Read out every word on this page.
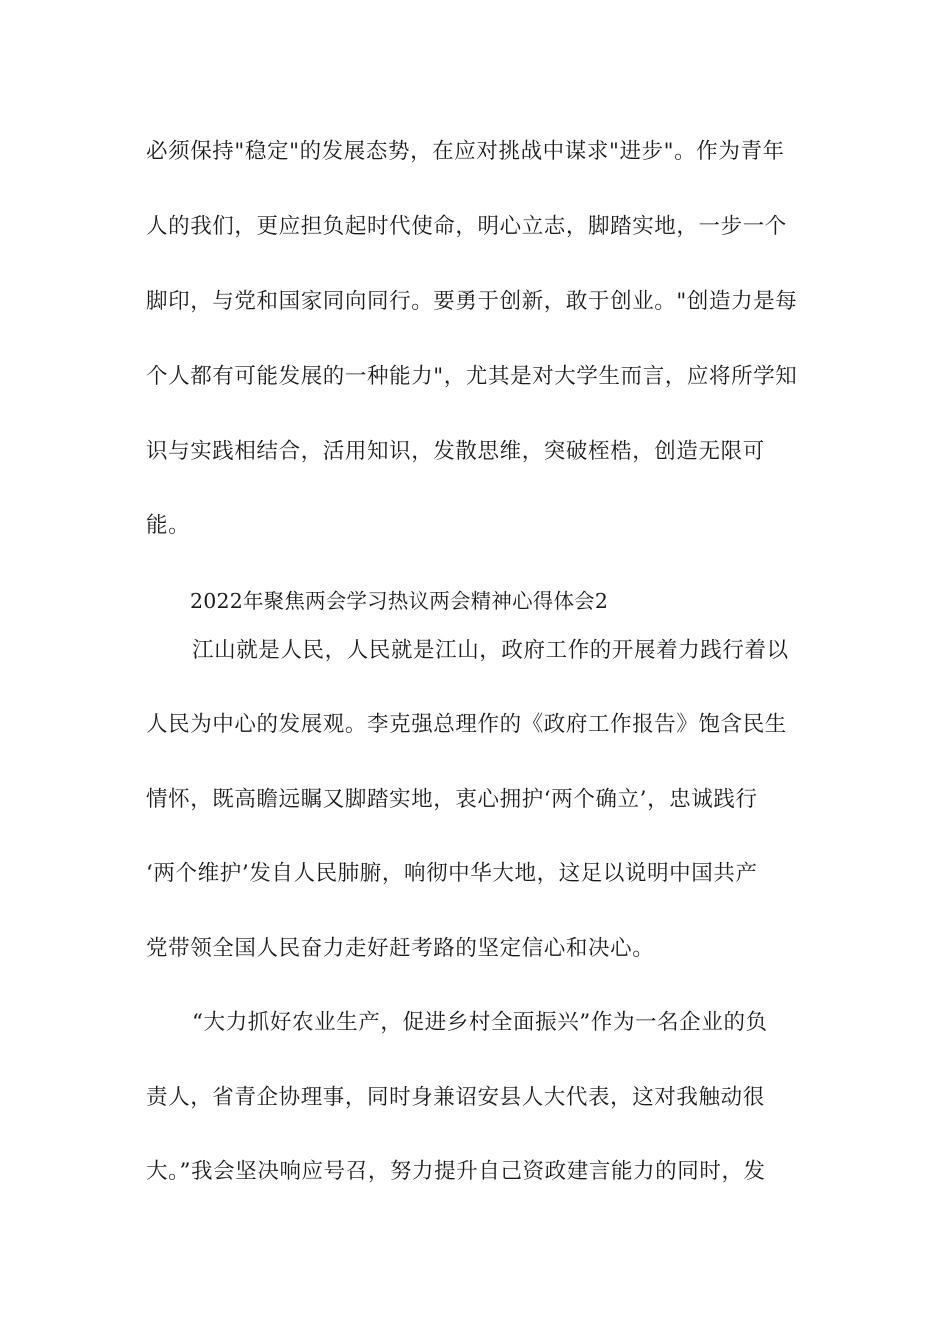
必须保持"稳定"的发展态势，在应对挑战中谋求"进步"。作为青年
人的我们，更应担负起时代使命，明心立志，脚踏实地，一步一个
脚印，与党和国家同向同行。要勇于创新，敢于创业。"创造力是每
个人都有可能发展的一种能力"，尤其是对大学生而言，应将所学知
识与实践相结合，活用知识，发散思维，突破桎梏，创造无限可
能。
2022年聚焦两会学习热议两会精神心得体会2
江山就是人民，人民就是江山，政府工作的开展着力践行着以
人民为中心的发展观。李克强总理作的《政府工作报告》饱含民生
情怀，既高瞻远瞩又脚踏实地，衷心拥护‘两个确立’，忠诚践行
‘两个维护’发自人民肺腑，响彻中华大地，这足以说明中国共产
党带领全国人民奋力走好赶考路的坚定信心和决心。
“大力抓好农业生产，促进乡村全面振兴”作为一名企业的负
责人，省青企协理事，同时身兼诏安县人大代表，这对我触动很
大。”我会坚决响应号召，努力提升自己资政建言能力的同时，发
